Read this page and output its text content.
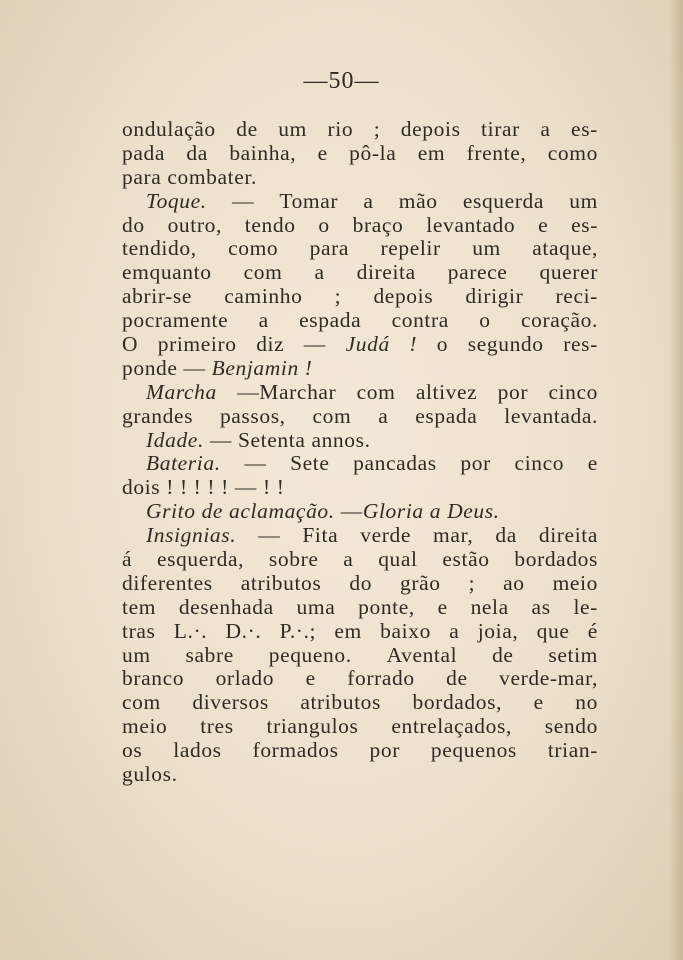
—50—
ondulação de um rio ; depois tirar a es-
pada da bainha, e pô-la em frente, como
para combater.
Toque. — Tomar a mão esquerda um
do outro, tendo o braço levantado e es-
tendido, como para repelir um ataque,
emquanto com a direita parece querer
abrir-se caminho ; depois dirigir reci-
pocramente a espada contra o coração.
O primeiro diz — Judá ! o segundo res-
ponde — Benjamin !
Marcha —Marchar com altivez por cinco
grandes passos, com a espada levantada.
Idade. — Setenta annos.
Bateria. — Sete pancadas por cinco e
dois ! ! ! ! ! — ! !
Grito de aclamação. — Gloria a Deus.
Insignias. — Fita verde mar, da direita
á esquerda, sobre a qual estão bordados
diferentes atributos do grão ; ao meio
tem desenhada uma ponte, e nela as le-
tras L.·. D.·. P.·.; em baixo a joia, que é
um sabre pequeno. Avental de setim
branco orlado e forrado de verde-mar,
com diversos atributos bordados, e no
meio tres triangulos entrelaçados, sendo
os lados formados por pequenos trian-
gulos.
